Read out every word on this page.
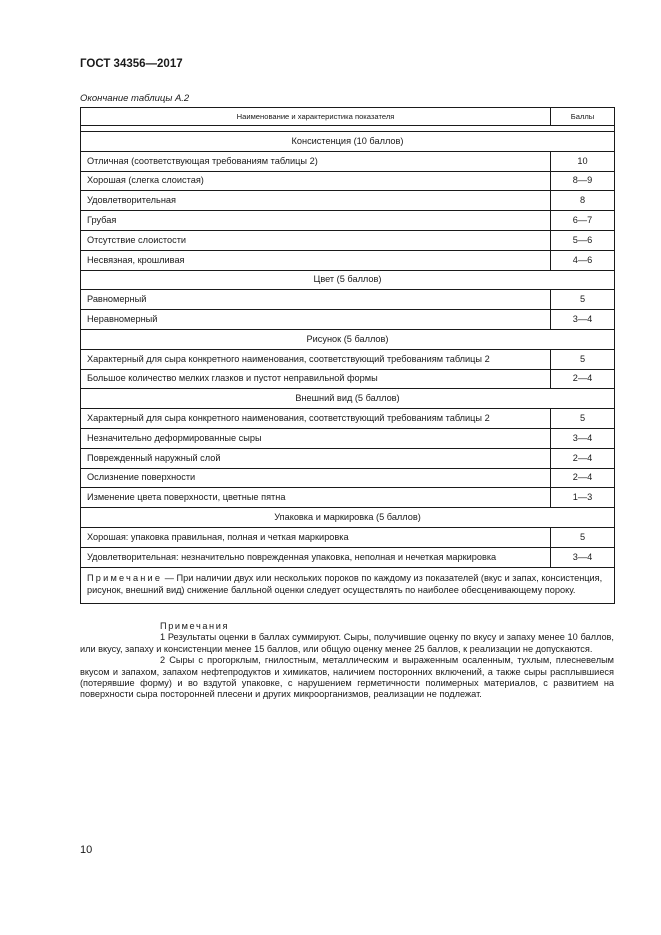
ГОСТ 34356—2017
Окончание таблицы А.2
Наименование и характеристика показателя	Баллы

Консистенция (10 баллов)	
Отличная (соответствующая требованиям таблицы 2)	10
Хорошая (слегка слоистая)	8—9
Удовлетворительная	8
Грубая	6—7
Отсутствие слоистости	5—6
Несвязная, крошливая	4—6
Цвет (5 баллов)	
Равномерный	5
Неравномерный	3—4
Рисунок (5 баллов)	
Характерный для сыра конкретного наименования, соответствующий требованиям таблицы 2	5
Большое количество мелких глазков и пустот неправильной формы	2—4
Внешний вид (5 баллов)	
Характерный для сыра конкретного наименования, соответствующий требованиям таблицы 2	5
Незначительно деформированные сыры	3—4
Поврежденный наружный слой	2—4
Ослизнение поверхности	2—4
Изменение цвета поверхности, цветные пятна	1—3
Упаковка и маркировка (5 баллов)	
Хорошая: упаковка правильная, полная и четкая маркировка	5
Удовлетворительная: незначительно поврежденная упаковка, неполная и нечеткая маркировка	3—4
Примечание — При наличии двух или нескольких пороков по каждому из показателей (вкус и запах, консистенция, рисунок, внешний вид) снижение балльной оценки следует осуществлять по наиболее обесценивающему пороку.	

Примечания

1 Результаты оценки в баллах суммируют. Сыры, получившие оценку по вкусу и запаху менее 10 баллов, или вкусу, запаху и консистенции менее 15 баллов, или общую оценку менее 25 баллов, к реализации не допускаются.

2 Сыры с прогорклым, гнилостным, металлическим и выраженным осаленным, тухлым, плесневелым вкусом и запахом, запахом нефтепродуктов и химикатов, наличием посторонних включений, а также сыры расплывшиеся (потерявшие форму) и во вздутой упаковке, с нарушением герметичности полимерных материалов, с развитием на поверхности сыра посторонней плесени и других микроорганизмов, реализации не подлежат.

10
